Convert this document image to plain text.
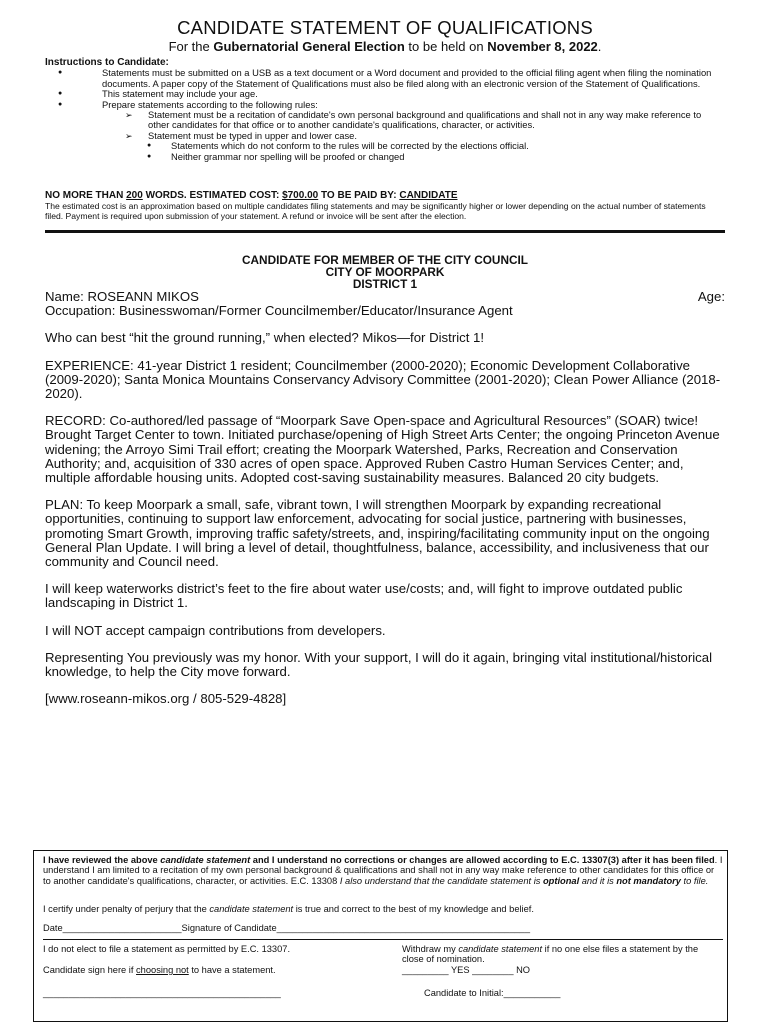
CANDIDATE STATEMENT OF QUALIFICATIONS
For the Gubernatorial General Election to be held on November 8, 2022.
Instructions to Candidate:
● Statements must be submitted on a USB as a text document or a Word document and provided to the official filing agent when filing the nomination documents. A paper copy of the Statement of Qualifications must also be filed along with an electronic version of the Statement of Qualifications.
● This statement may include your age.
● Prepare statements according to the following rules:
➢ Statement must be a recitation of candidate's own personal background and qualifications and shall not in any way make reference to other candidates for that office or to another candidate's qualifications, character, or activities.
➢ Statement must be typed in upper and lower case.
● Statements which do not conform to the rules will be corrected by the elections official.
● Neither grammar nor spelling will be proofed or changed
NO MORE THAN 200 WORDS. ESTIMATED COST: $700.00 TO BE PAID BY: CANDIDATE
The estimated cost is an approximation based on multiple candidates filing statements and may be significantly higher or lower depending on the actual number of statements filed. Payment is required upon submission of your statement. A refund or invoice will be sent after the election.
CANDIDATE FOR MEMBER OF THE CITY COUNCIL
CITY OF MOORPARK
DISTRICT 1
Name: ROSEANN MIKOS	Age:

Occupation: Businesswoman/Former Councilmember/Educator/Insurance Agent

Who can best “hit the ground running,” when elected? Mikos—for District 1!

EXPERIENCE: 41-year District 1 resident; Councilmember (2000-2020); Economic Development Collaborative (2009-2020); Santa Monica Mountains Conservancy Advisory Committee (2001-2020); Clean Power Alliance (2018-2020).

RECORD: Co-authored/led passage of “Moorpark Save Open-space and Agricultural Resources” (SOAR) twice! Brought Target Center to town. Initiated purchase/opening of High Street Arts Center; the ongoing Princeton Avenue widening; the Arroyo Simi Trail effort; creating the Moorpark Watershed, Parks, Recreation and Conservation Authority; and, acquisition of 330 acres of open space. Approved Ruben Castro Human Services Center; and, multiple affordable housing units. Adopted cost-saving sustainability measures. Balanced 20 city budgets.

PLAN: To keep Moorpark a small, safe, vibrant town, I will strengthen Moorpark by expanding recreational opportunities, continuing to support law enforcement, advocating for social justice, partnering with businesses, promoting Smart Growth, improving traffic safety/streets, and, inspiring/facilitating community input on the ongoing General Plan Update. I will bring a level of detail, thoughtfulness, balance, accessibility, and inclusiveness that our community and Council need.

I will keep waterworks district’s feet to the fire about water use/costs; and, will fight to improve outdated public landscaping in District 1.

I will NOT accept campaign contributions from developers.

Representing You previously was my honor. With your support, I will do it again, bringing vital institutional/historical knowledge, to help the City move forward.

[www.roseann-mikos.org / 805-529-4828]

I have reviewed the above candidate statement and I understand no corrections or changes are allowed according to E.C. 13307(3) after it has been filed. I understand I am limited to a recitation of my own personal background & qualifications and shall not in any way make reference to other candidates for this office or to another candidate's qualifications, character, or activities. E.C. 13308 I also understand that the candidate statement is optional and it is not mandatory to file.
I certify under penalty of perjury that the candidate statement is true and correct to the best of my knowledge and belief.
Date_______________________Signature of Candidate_________________________________________________
I do not elect to file a statement as permitted by E.C. 13307.
Candidate sign here if choosing not to have a statement.
______________________________________________
Withdraw my candidate statement if no one else files a statement by the close of nomination.
_________ YES ________ NO
Candidate to Initial:___________
